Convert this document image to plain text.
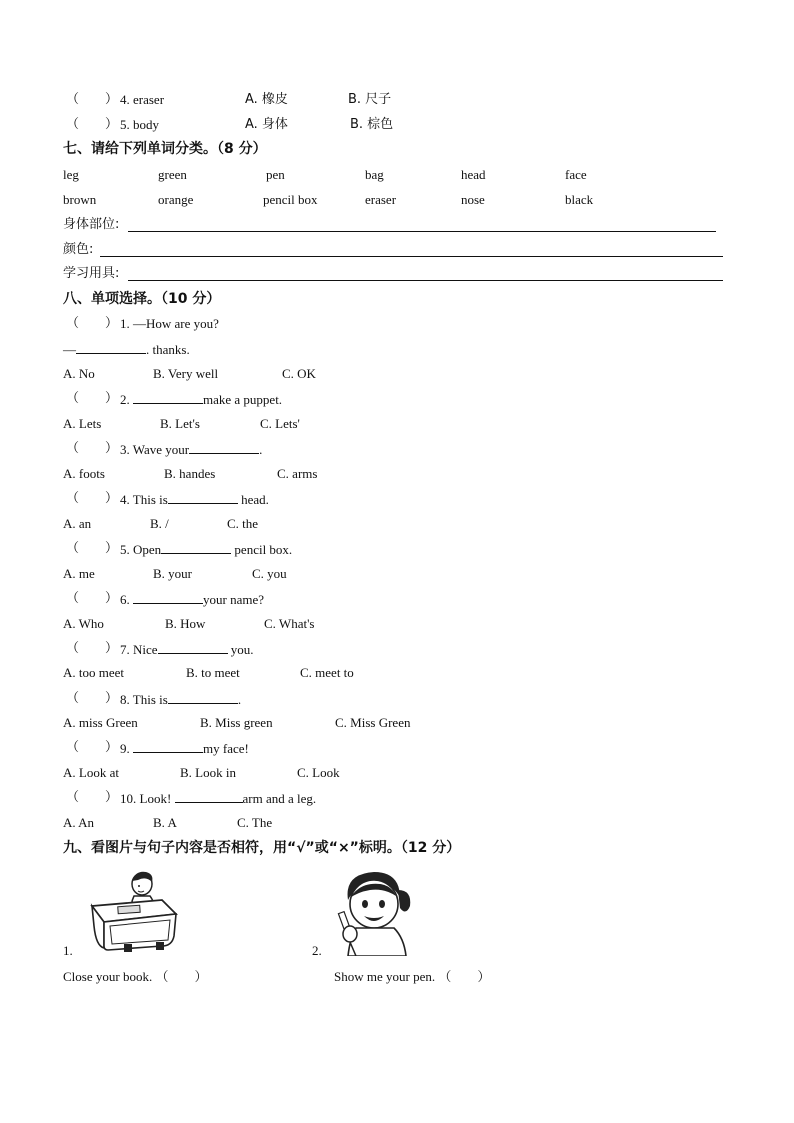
（　　） 4. eraser	A. 橡皮	B. 尺子
（　　） 5. body	A. 身体	B. 棕色
七、请给下列单词分类。（8 分）
leg	green	pen	bag	head	face
brown	orange	pencil box	eraser	nose	black
身体部位:
颜色:
学习用具:
八、单项选择。（10 分）
（　　） 1. —How are you?
—	. thanks.
A. No	B. Very well	C. OK
（　　） 2.	make a puppet.
A. Lets	B. Let's	C. Lets'
（　　） 3. Wave your	.
A. foots	B. handes	C. arms
（　　） 4. This is	head.
A. an	B. /	C. the
（　　） 5. Open	pencil box.
A. me	B. your	C. you
（　　） 6.	your name?
A. Who	B. How	C. What's
（　　） 7. Nice	you.
A. too meet	B. to meet	C. meet to
（　　） 8. This is	.
A. miss Green	B. Miss green	C. Miss Green
（　　） 9.	my face!
A. Look at	B. Look in	C. Look
（　　） 10. Look!	arm and a leg.
A. An	B. A	C. The
九、看图片与句子内容是否相符，用“√”或“×”标明。（12 分）
1.	2.
Close your book. （　　）	Show me your pen. （　　）
